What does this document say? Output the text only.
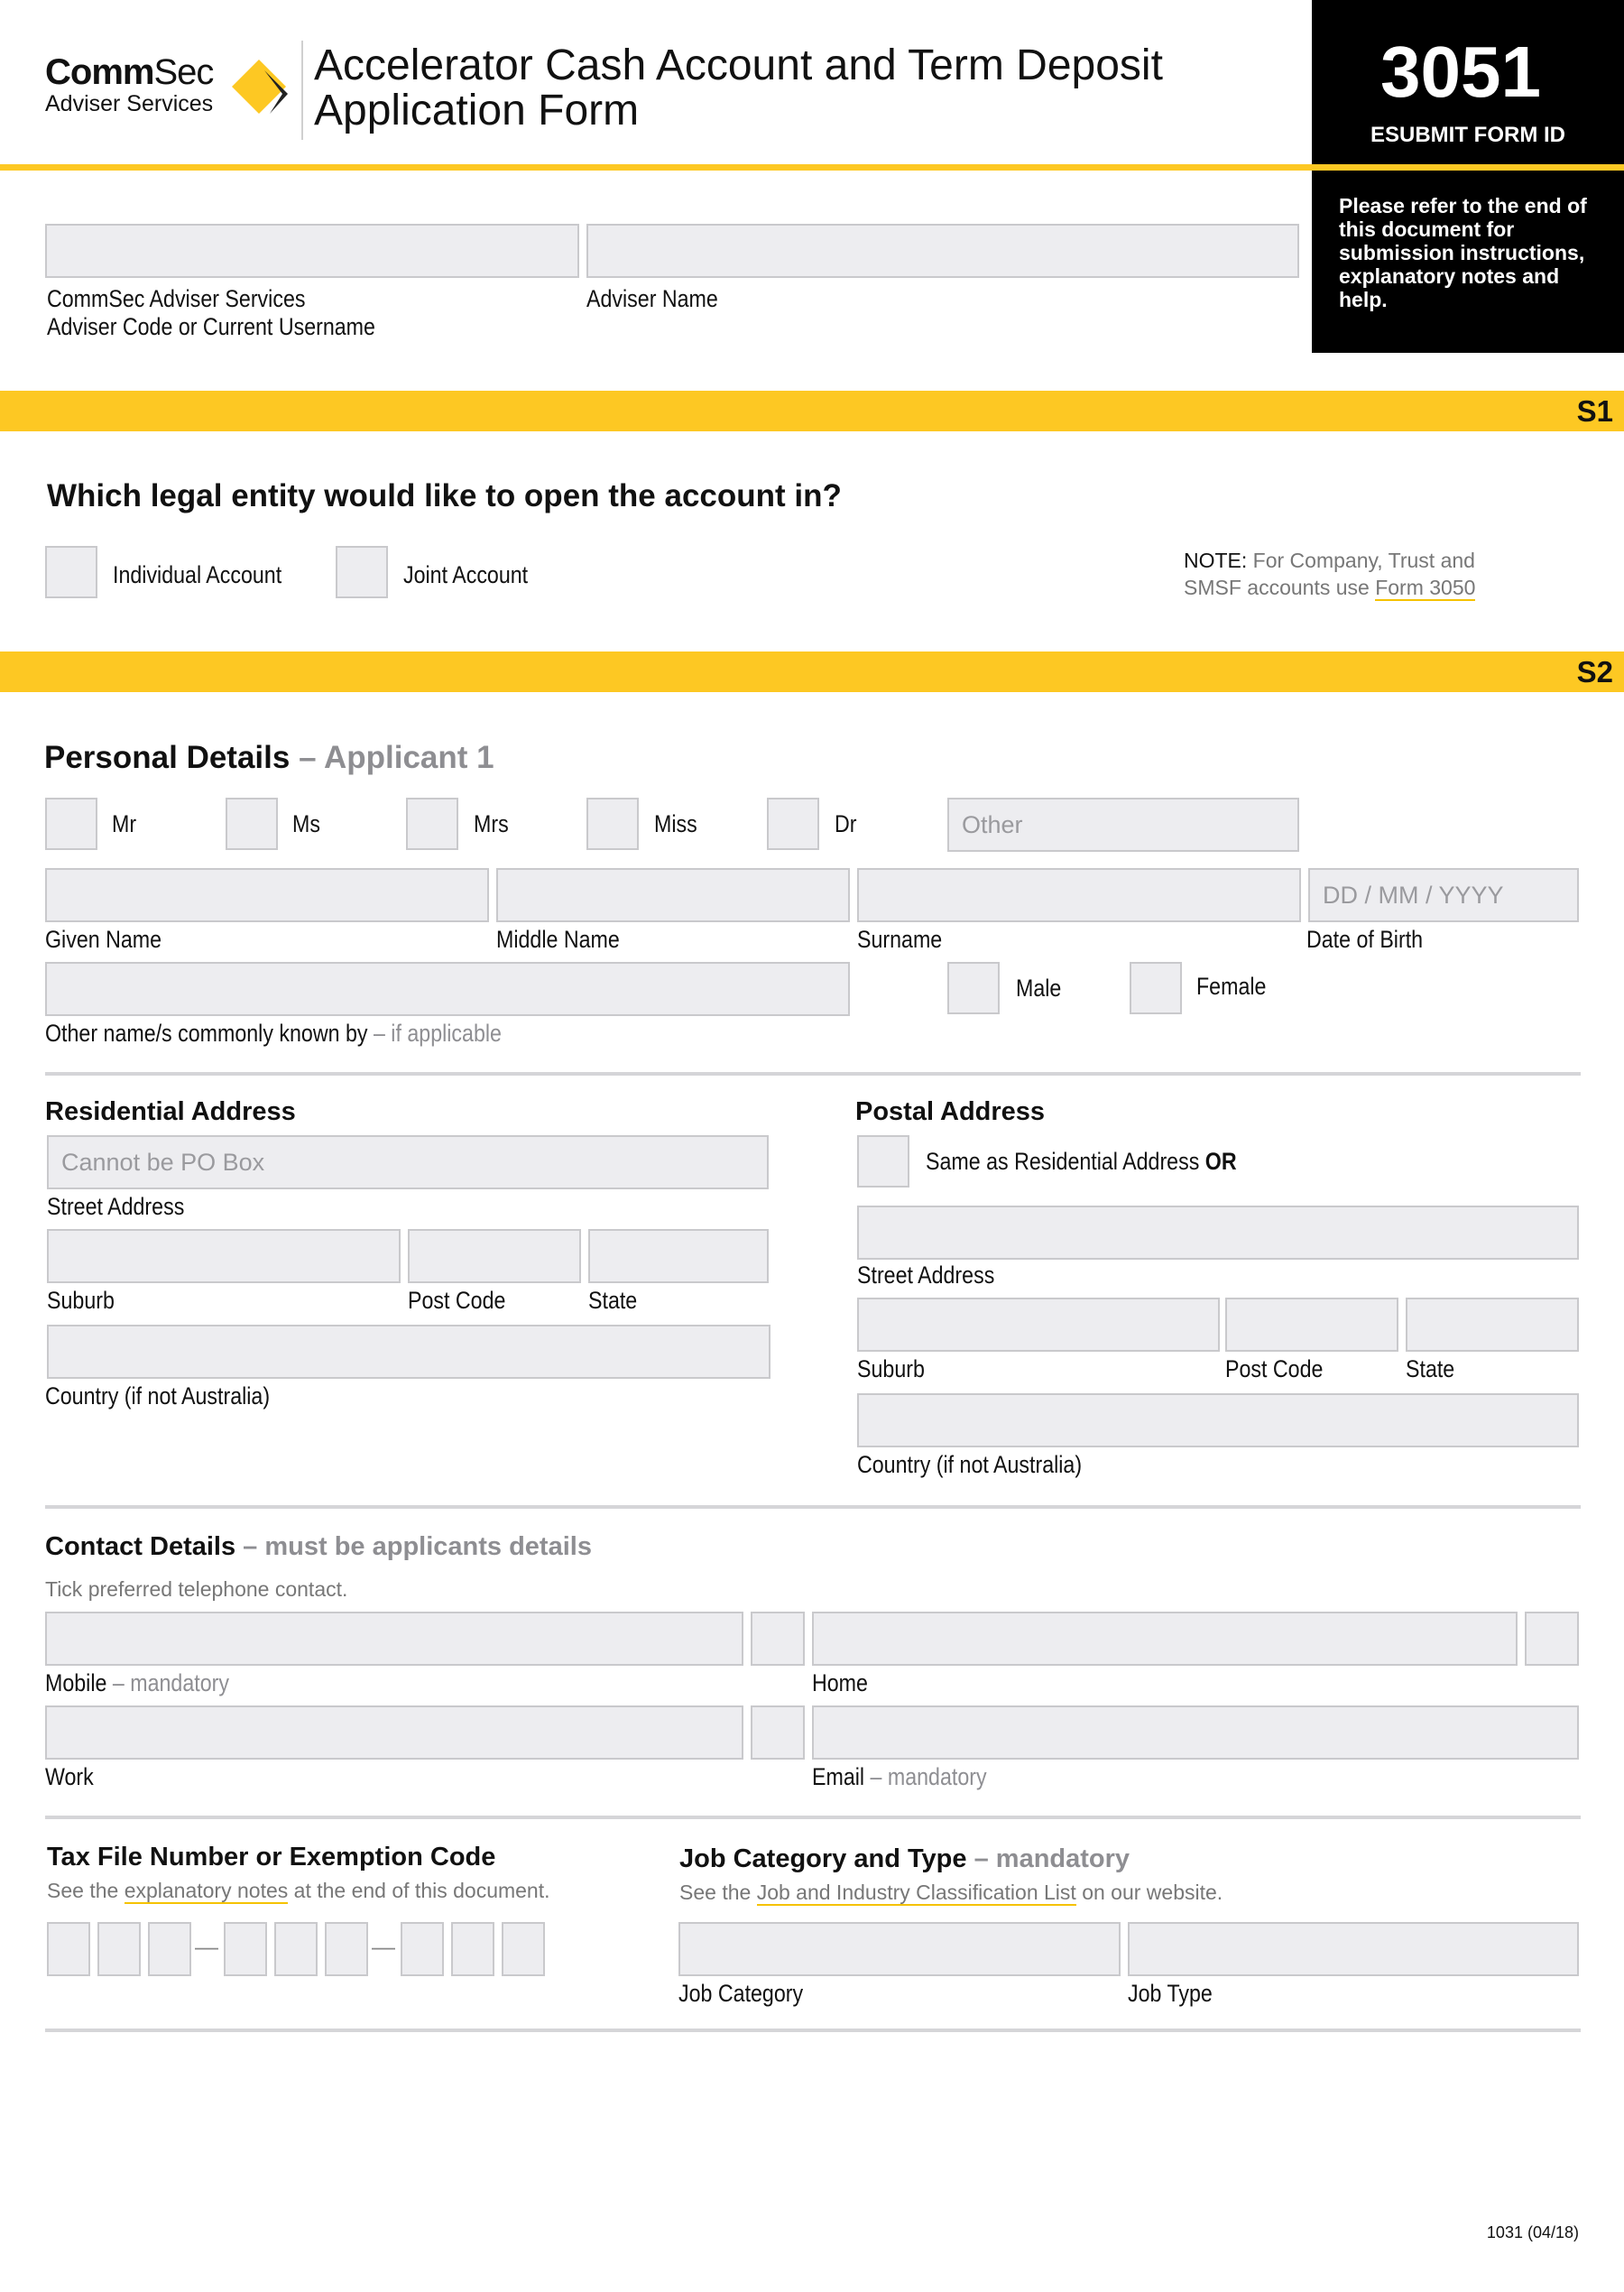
CommSec
Adviser Services
Accelerator Cash Account and Term Deposit
Application Form	3051
ESUBMIT FORM ID
Please refer to the end of this document for submission instructions, explanatory notes and help.
CommSec Adviser Services
Adviser Code or Current Username
Adviser Name
S1
Which legal entity would like to open the account in?
Individual Account	Joint Account
NOTE: For Company, Trust and
SMSF accounts use Form 3050
S2
Personal Details – Applicant 1
Mr	Ms	Mrs	Miss	Dr	Other
DD / MM / YYYY
Given Name	Middle Name	Surname	Date of Birth
Male	Female
Other name/s commonly known by – if applicable
Residential Address
Cannot be PO Box
Street Address
Suburb	Post Code	State
Country (if not Australia)
Postal Address
Same as Residential Address OR
Street Address
Suburb	Post Code	State
Country (if not Australia)
Contact Details – must be applicants details
Tick preferred telephone contact.
Mobile – mandatory	Home
Work	Email – mandatory
Tax File Number or Exemption Code
See the explanatory notes at the end of this document.
—	—
Job Category and Type – mandatory
See the Job and Industry Classification List on our website.
Job Category	Job Type
1031 (04/18)
